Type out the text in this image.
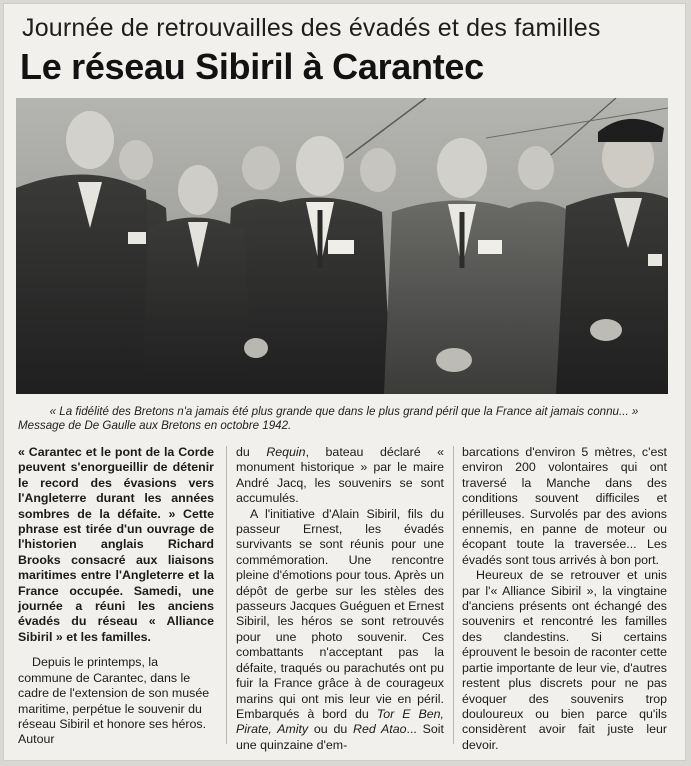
Journée de retrouvailles des évadés et des familles
Le réseau Sibiril à Carantec
« La fidélité des Bretons n'a jamais été plus grande que dans le plus grand péril que la France ait jamais connu... »
Message de De Gaulle aux Bretons en octobre 1942.

« Carantec et le pont de la Corde peuvent s'enorgueillir de détenir le record des évasions vers l'Angleterre durant les années sombres de la défaite. » Cette phrase est tirée d'un ouvrage de l'historien anglais Richard Brooks consacré aux liaisons maritimes entre l'Angleterre et la France occupée. Samedi, une journée a réuni les anciens évadés du réseau « Alliance Sibiril » et les familles.

Depuis le printemps, la commune de Carantec, dans le cadre de l'extension de son musée maritime, perpétue le souvenir du réseau Sibiril et honore ses héros. Autour

du Requin, bateau déclaré « monument historique » par le maire André Jacq, les souvenirs se sont accumulés.

A l'initiative d'Alain Sibiril, fils du passeur Ernest, les évadés survivants se sont réunis pour une commémoration. Une rencontre pleine d'émotions pour tous. Après un dépôt de gerbe sur les stèles des passeurs Jacques Guéguen et Ernest Sibiril, les héros se sont retrouvés pour une photo souvenir. Ces combattants n'acceptant pas la défaite, traqués ou parachutés ont pu fuir la France grâce à de courageux marins qui ont mis leur vie en péril. Embarqués à bord du Tor E Ben, Pirate, Amity ou du Red Atao... Soit une quinzaine d'em-

barcations d'environ 5 mètres, c'est environ 200 volontaires qui ont traversé la Manche dans des conditions souvent difficiles et périlleuses. Survolés par des avions ennemis, en panne de moteur ou écopant toute la traversée... Les évadés sont tous arrivés à bon port.

Heureux de se retrouver et unis par l'« Alliance Sibiril », la vingtaine d'anciens présents ont échangé des souvenirs et rencontré les familles des clandestins. Si certains éprouvent le besoin de raconter cette partie importante de leur vie, d'autres restent plus discrets pour ne pas évoquer des souvenirs trop douloureux ou bien parce qu'ils considèrent avoir fait juste leur devoir.
